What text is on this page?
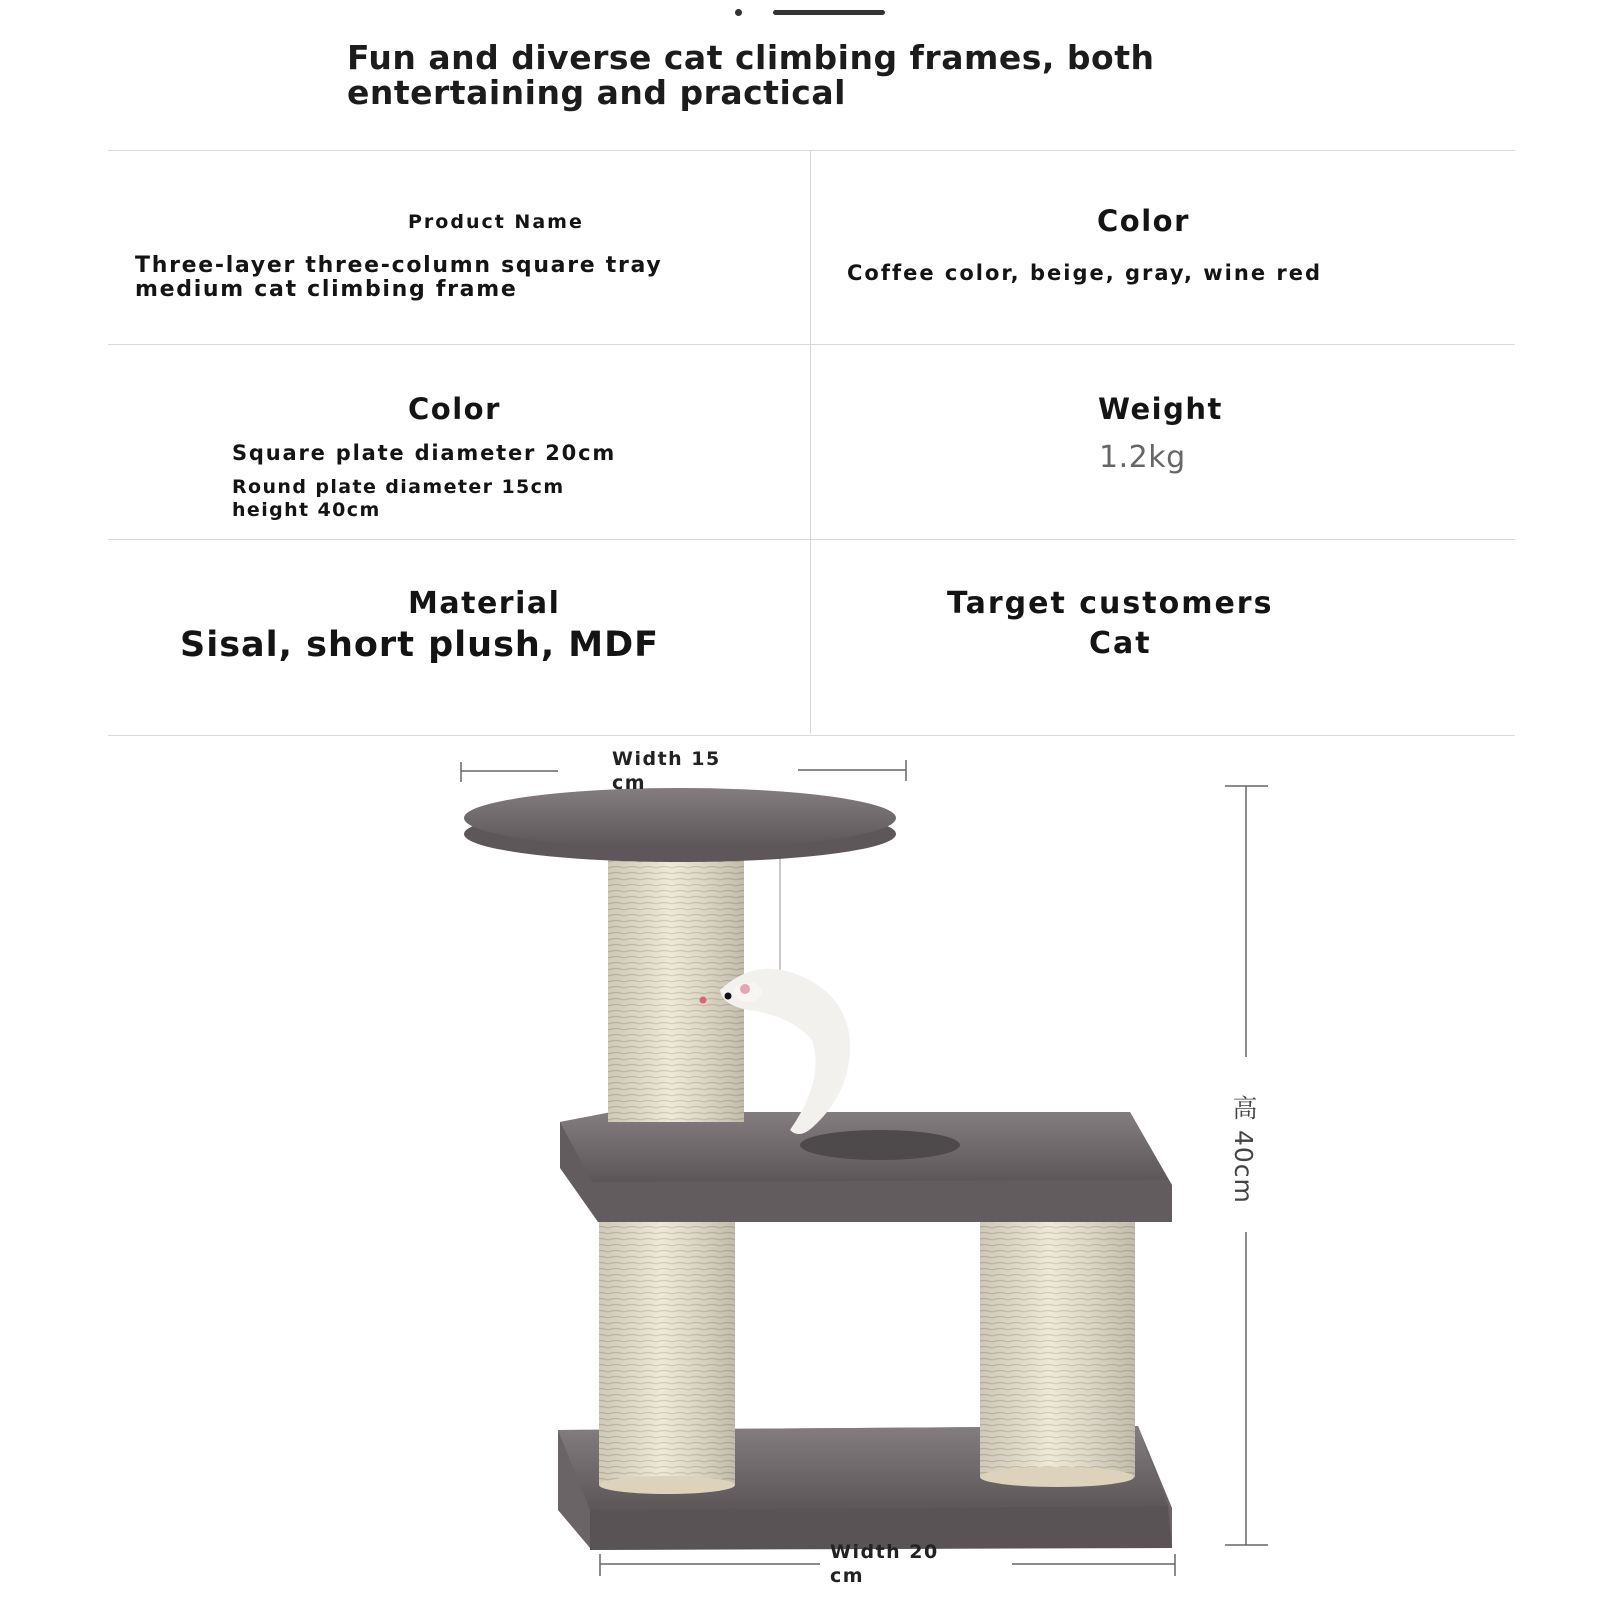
Fun and diverse cat climbing frames, both entertaining and practical
Product Name
Three-layer three-column square tray
medium cat climbing frame
Color
Coffee color, beige, gray, wine red
Color
Square plate diameter 20cm
Round plate diameter 15cm
height 40cm
Weight
1.2kg
Material
Sisal, short plush, MDF
Target customers
Cat
Width 15
cm
Width 20
cm
高 40cm
